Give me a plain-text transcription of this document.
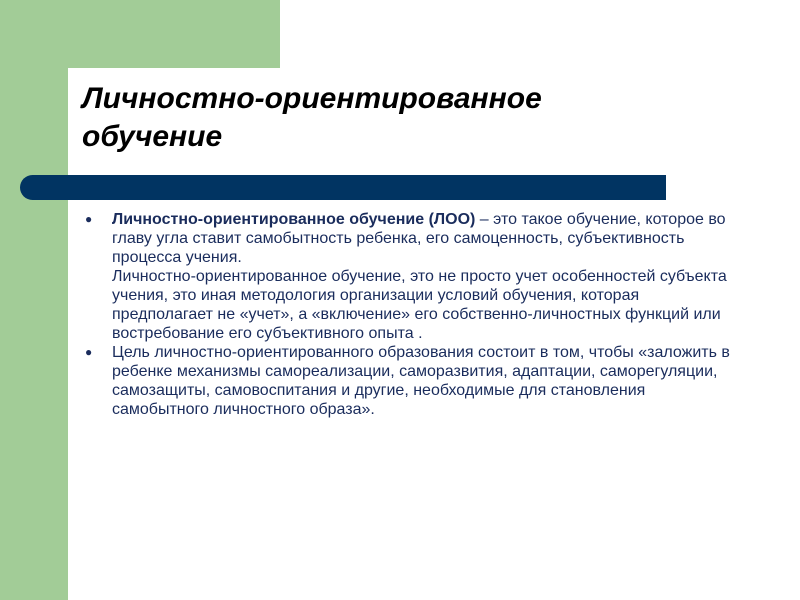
Личностно-ориентированное обучение
● Личностно-ориентированное обучение (ЛОО) – это такое обучение, которое во главу угла ставит самобытность ребенка, его самоценность, субъективность процесса учения.
Личностно-ориентированное обучение, это не просто учет особенностей субъекта учения, это иная методология организации условий обучения, которая предполагает не «учет», а «включение» его собственно-личностных функций или востребование его субъективного опыта .
● Цель личностно-ориентированного образования состоит в том, чтобы «заложить в ребенке механизмы самореализации, саморазвития, адаптации, саморегуляции, самозащиты, самовоспитания и другие, необходимые для становления самобытного личностного образа».
